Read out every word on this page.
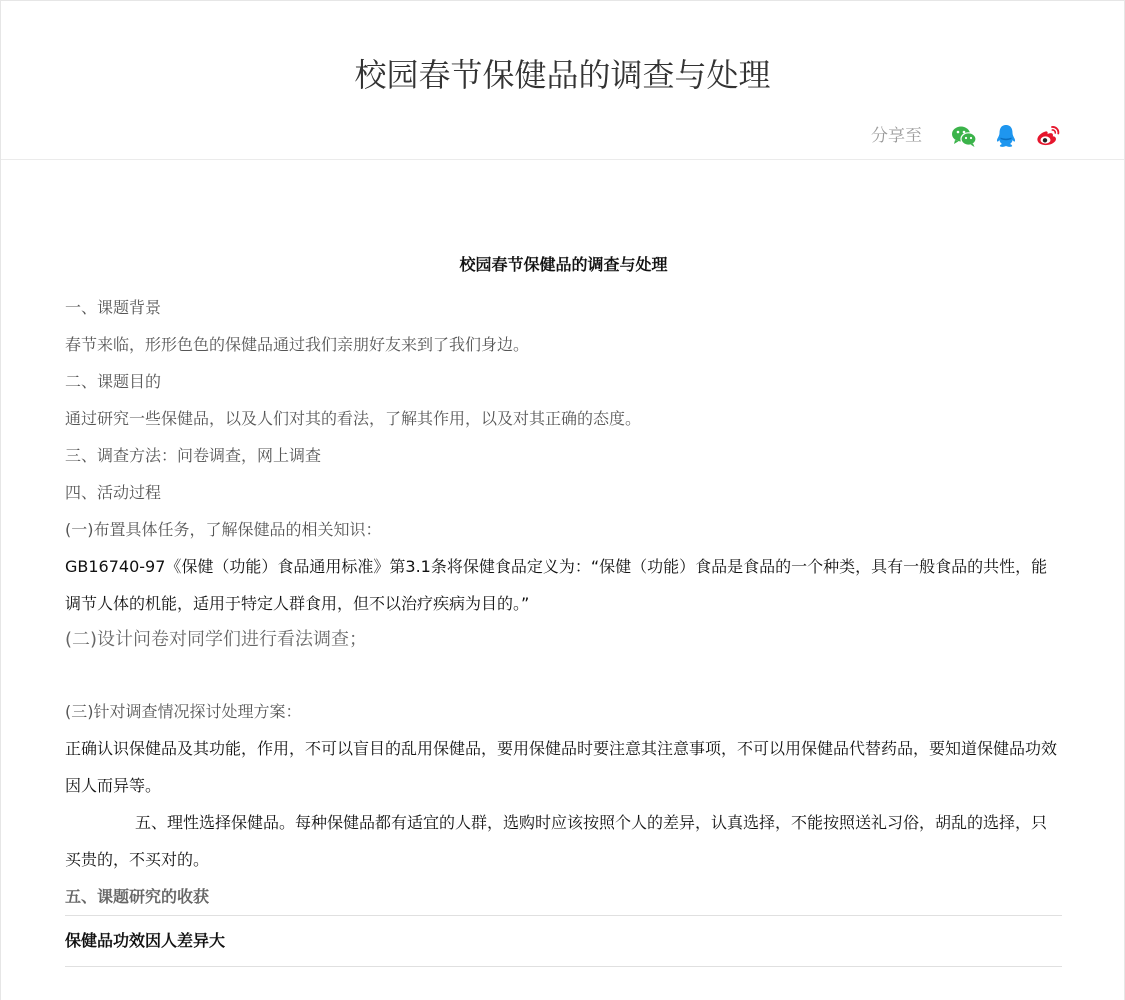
校园春节保健品的调查与处理
分享至
校园春节保健品的调查与处理

一、课题背景

春节来临，形形色色的保健品通过我们亲朋好友来到了我们身边。

二、课题目的

通过研究一些保健品，以及人们对其的看法，了解其作用，以及对其正确的态度。

三、调查方法：问卷调查，网上调查

四、活动过程

(一)布置具体任务，了解保健品的相关知识：

GB16740-97《保健（功能）食品通用标准》第3.1条将保健食品定义为：“保健（功能）食品是食品的一个种类，具有一般食品的共性，能调节人体的机能，适用于特定人群食用，但不以治疗疾病为目的。”

(二)设计问卷对同学们进行看法调查；

(三)针对调查情况探讨处理方案：

正确认识保健品及其功能，作用，不可以盲目的乱用保健品，要用保健品时要注意其注意事项，不可以用保健品代替药品，要知道保健品功效因人而异等。

五、理性选择保健品。每种保健品都有适宜的人群，选购时应该按照个人的差异，认真选择，不能按照送礼习俗，胡乱的选择，只买贵的，不买对的。

五、课题研究的收获

保健品功效因人差异大
